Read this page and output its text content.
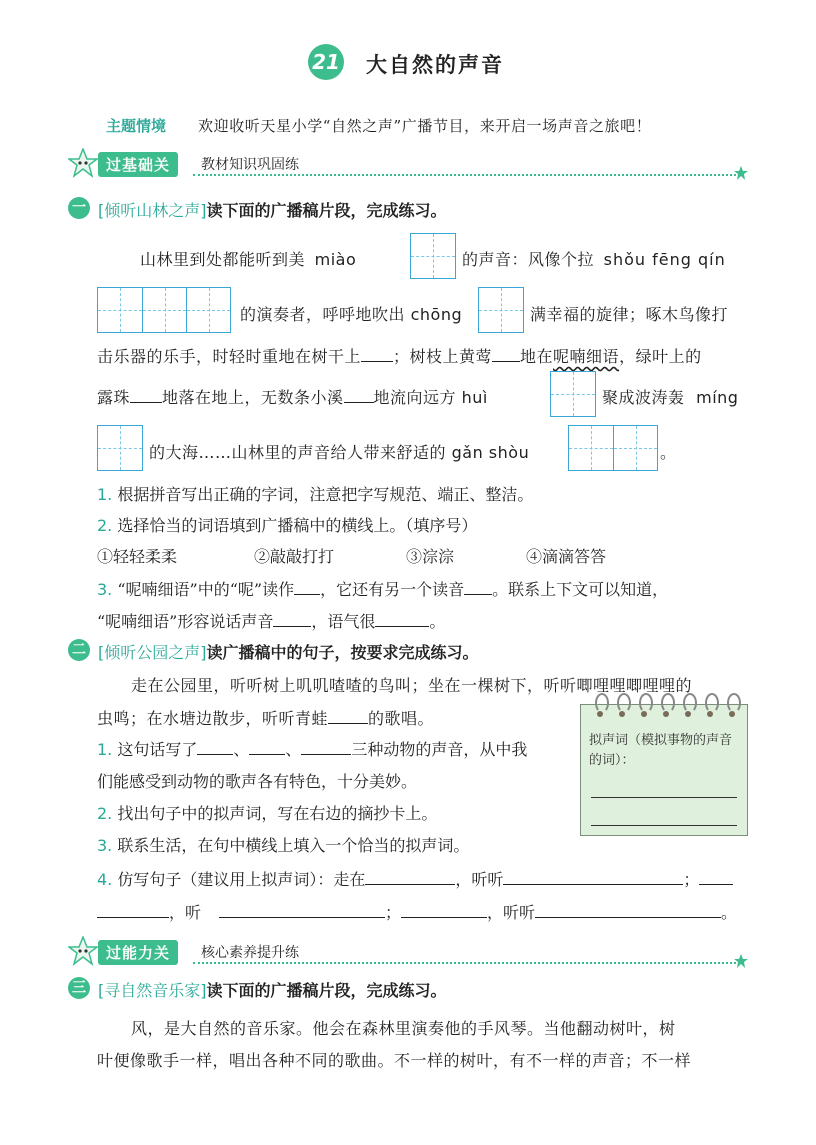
21 大自然的声音
主题情境 欢迎收听天星小学“自然之声”广播节目，来开启一场声音之旅吧！
过基础关	教材知识巩固练
一 [倾听山林之声]读下面的广播稿片段，完成练习。
山林里到处都能听到美 miào	的声音：风像个拉 shǒu fēng qín
的演奏者，呼呼地吹出 chōng	满幸福的旋律；啄木鸟像打
击乐器的乐手，时轻时重地在树干上 ；树枝上黄莺 地在呢喃细语，绿叶上的
露珠 地落在地上，无数条小溪 地流向远方 huì	聚成波涛轰 míng
的大海……山林里的声音给人带来舒适的 gǎn shòu	。
1. 根据拼音写出正确的字词，注意把字写规范、端正、整洁。
2. 选择恰当的词语填到广播稿中的横线上。（填序号）
①轻轻柔柔	②敲敲打打	③淙淙	④滴滴答答
3. “呢喃细语”中的“呢”读作 ，它还有另一个读音 。联系上下文可以知道，
“呢喃细语”形容说话声音 ，语气很	。
二 [倾听公园之声]读广播稿中的句子，按要求完成练习。
走在公园里，听听树上叽叽喳喳的鸟叫；坐在一棵树下，听听唧哩哩唧哩哩的
虫鸣；在水塘边散步，听听青蛙	的歌唱。
1. 这句话写了 、 、	三种动物的声音，从中我
们能感受到动物的歌声各有特色，十分美妙。
2. 找出句子中的拟声词，写在右边的摘抄卡上。
3. 联系生活，在句中横线上填入一个恰当的拟声词。
4. 仿写句子（建议用上拟声词）：走在	，听听	；
，听	；	，听听	。
拟声词（模拟事物的声音的词）：
过能力关	核心素养提升练
三 [寻自然音乐家]读下面的广播稿片段，完成练习。
风，是大自然的音乐家。他会在森林里演奏他的手风琴。当他翻动树叶，树
叶便像歌手一样，唱出各种不同的歌曲。不一样的树叶，有不一样的声音；不一样
